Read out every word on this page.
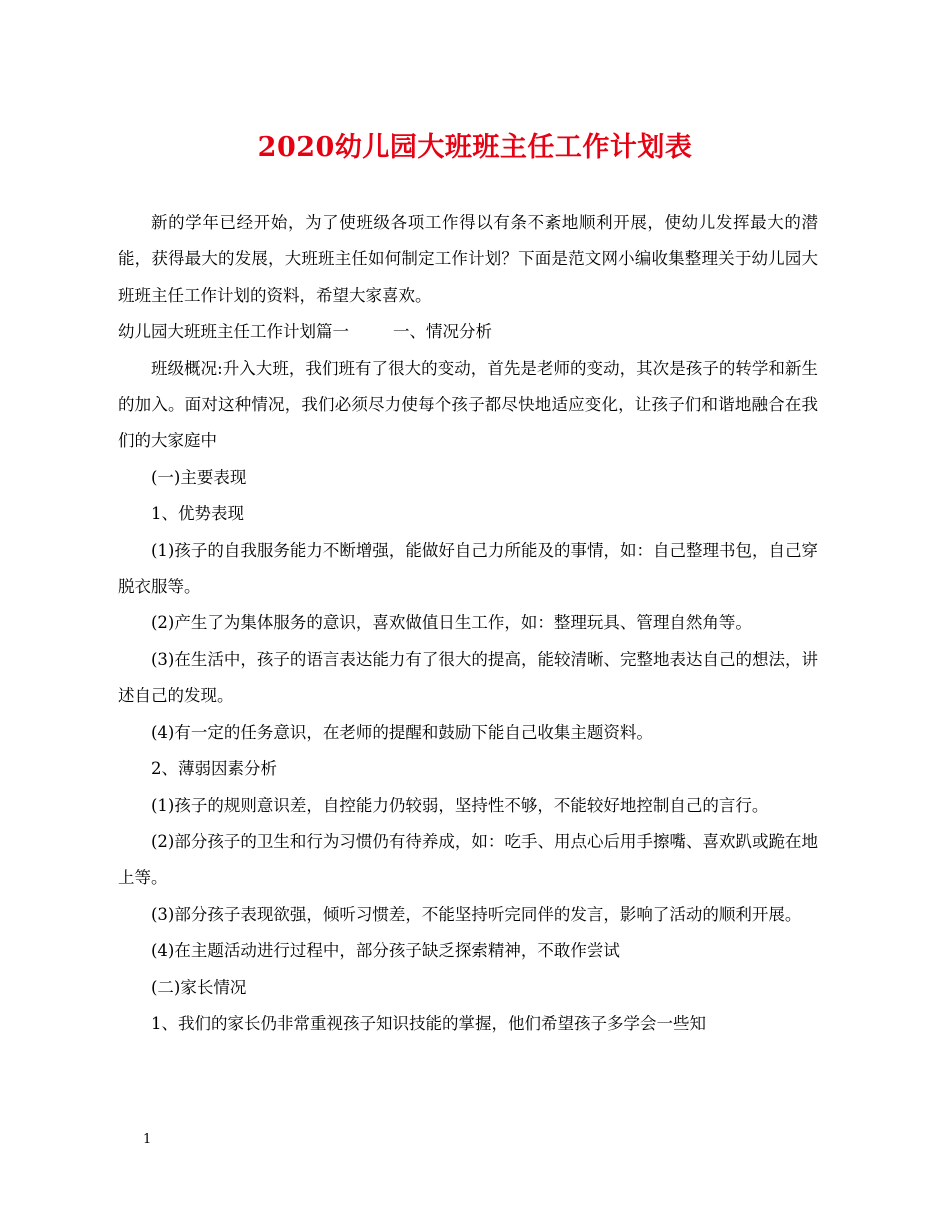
2020幼儿园大班班主任工作计划表

新的学年已经开始，为了使班级各项工作得以有条不紊地顺利开展，使幼儿发挥最大的潜能，获得最大的发展，大班班主任如何制定工作计划？下面是范文网小编收集整理关于幼儿园大班班主任工作计划的资料，希望大家喜欢。

幼儿园大班班主任工作计划篇一	一、情况分析

班级概况:升入大班，我们班有了很大的变动，首先是老师的变动，其次是孩子的转学和新生的加入。面对这种情况，我们必须尽力使每个孩子都尽快地适应变化，让孩子们和谐地融合在我们的大家庭中

(一)主要表现

1、优势表现

(1)孩子的自我服务能力不断增强，能做好自己力所能及的事情，如：自己整理书包，自己穿脱衣服等。

(2)产生了为集体服务的意识，喜欢做值日生工作，如：整理玩具、管理自然角等。

(3)在生活中，孩子的语言表达能力有了很大的提高，能较清晰、完整地表达自己的想法，讲述自己的发现。

(4)有一定的任务意识，在老师的提醒和鼓励下能自己收集主题资料。

2、薄弱因素分析

(1)孩子的规则意识差，自控能力仍较弱，坚持性不够，不能较好地控制自己的言行。

(2)部分孩子的卫生和行为习惯仍有待养成，如：吃手、用点心后用手擦嘴、喜欢趴或跪在地上等。

(3)部分孩子表现欲强，倾听习惯差，不能坚持听完同伴的发言，影响了活动的顺利开展。

(4)在主题活动进行过程中，部分孩子缺乏探索精神，不敢作尝试

(二)家长情况

1、我们的家长仍非常重视孩子知识技能的掌握，他们希望孩子多学会一些知

1
